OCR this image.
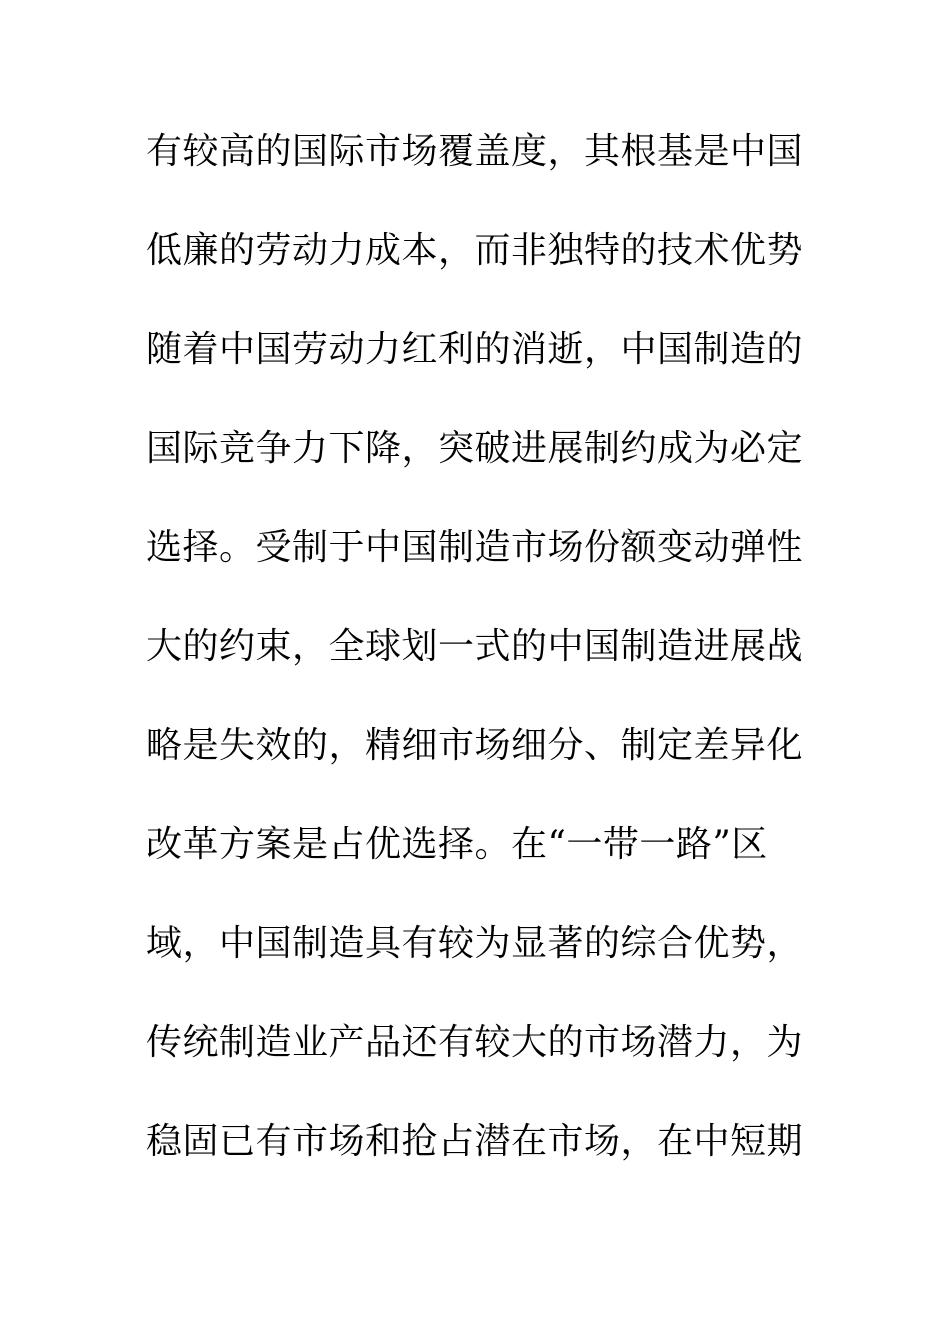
有较高的国际市场覆盖度，其根基是中国
低廉的劳动力成本，而非独特的技术优势
随着中国劳动力红利的消逝，中国制造的
国际竞争力下降，突破进展制约成为必定
选择。受制于中国制造市场份额变动弹性
大的约束，全球划一式的中国制造进展战
略是失效的，精细市场细分、制定差异化
改革方案是占优选择。在“一带一路”区
域，中国制造具有较为显著的综合优势，
传统制造业产品还有较大的市场潜力，为
稳固已有市场和抢占潜在市场，在中短期
